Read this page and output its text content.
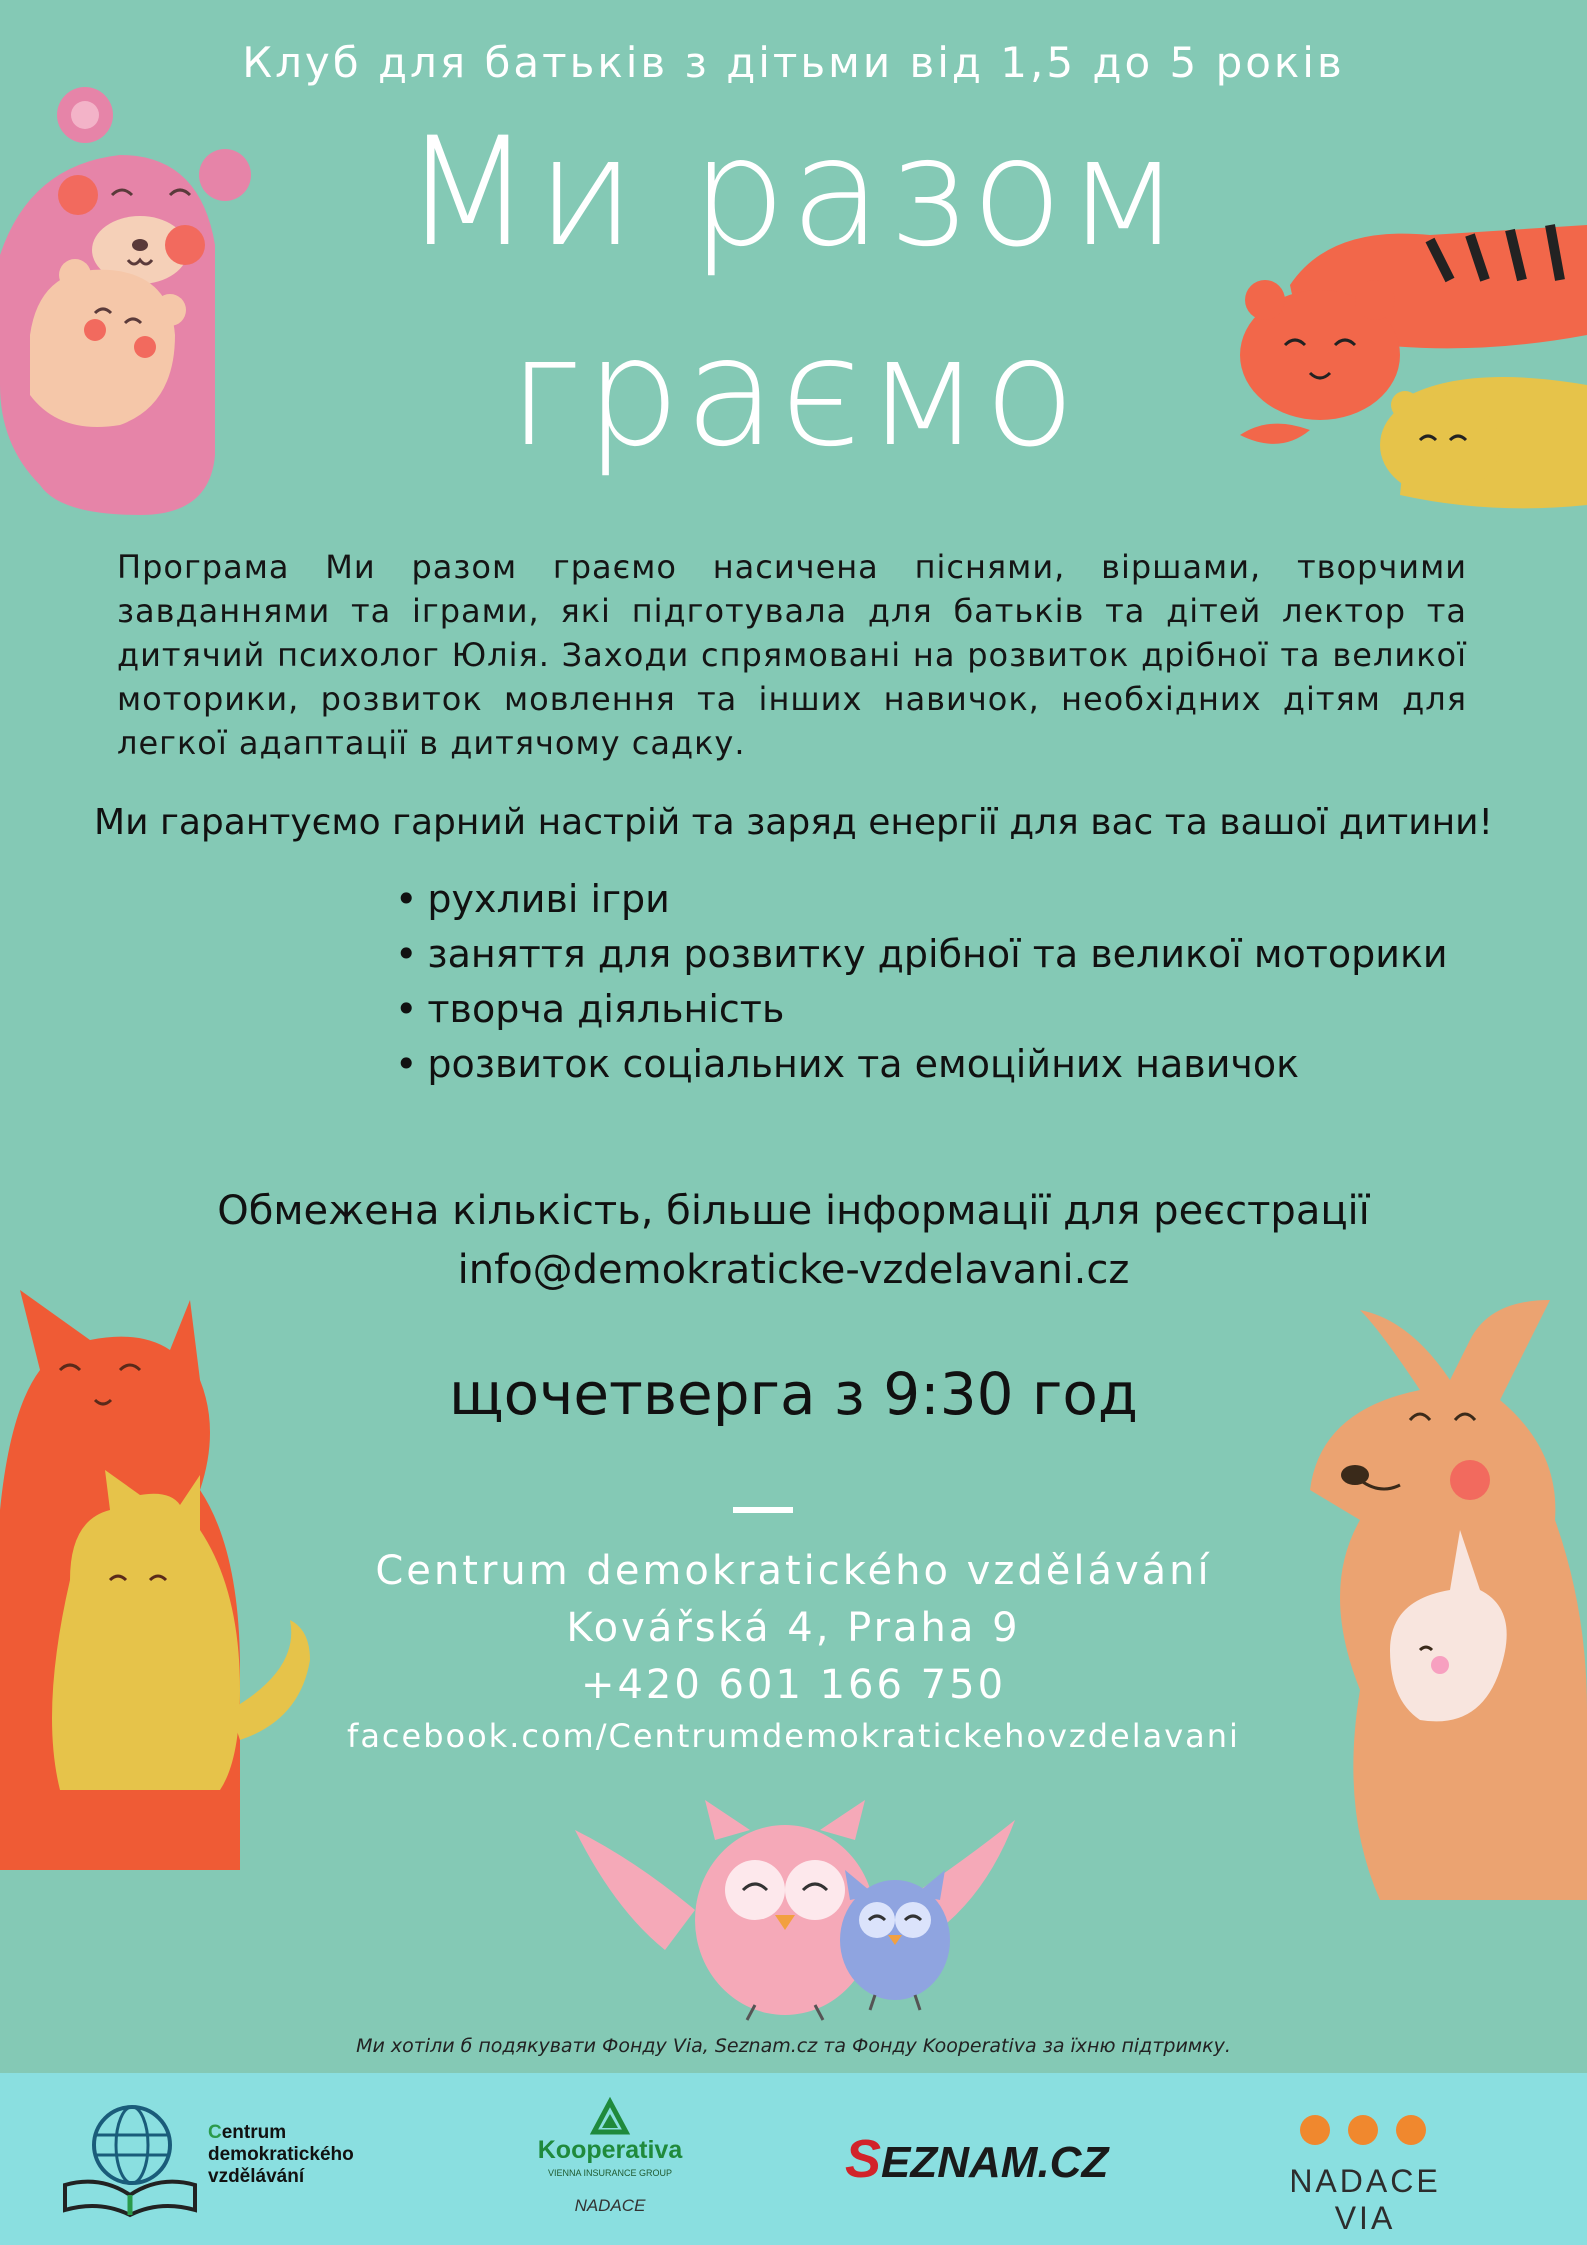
Клуб для батьків з дітьми від 1,5 до 5 років
Ми разом
граємо
Програма Ми разом граємо насичена піснями, віршами, творчими завданнями та іграми, які підготувала для батьків та дітей лектор та дитячий психолог Юлія. Заходи спрямовані на розвиток дрібної та великої моторики, розвиток мовлення та інших навичок, необхідних дітям для легкої адаптації в дитячому садку.
Ми гарантуємо гарний настрій та заряд енергії для вас та вашої дитини!
• рухливі ігри
• заняття для розвитку дрібної та великої моторики
• творча діяльність
• розвиток соціальних та емоційних навичок
Обмежена кількість, більше інформації для реєстрації
info@demokraticke-vzdelavani.cz
щочетверга з 9:30 год
Centrum demokratického vzdělávání
Kovářská 4, Praha 9
+420 601 166 750
facebook.com/Centrumdemokratickehovzdelavani
Ми хотіли б подякувати Фонду Via, Seznam.cz та Фонду Kooperativa за їхню підтримку.
Centrum
demokratického
vzdělávání
Kooperativa
VIENNA INSURANCE GROUP
NADACE
SEZNAM.CZ	NADACE VIA
